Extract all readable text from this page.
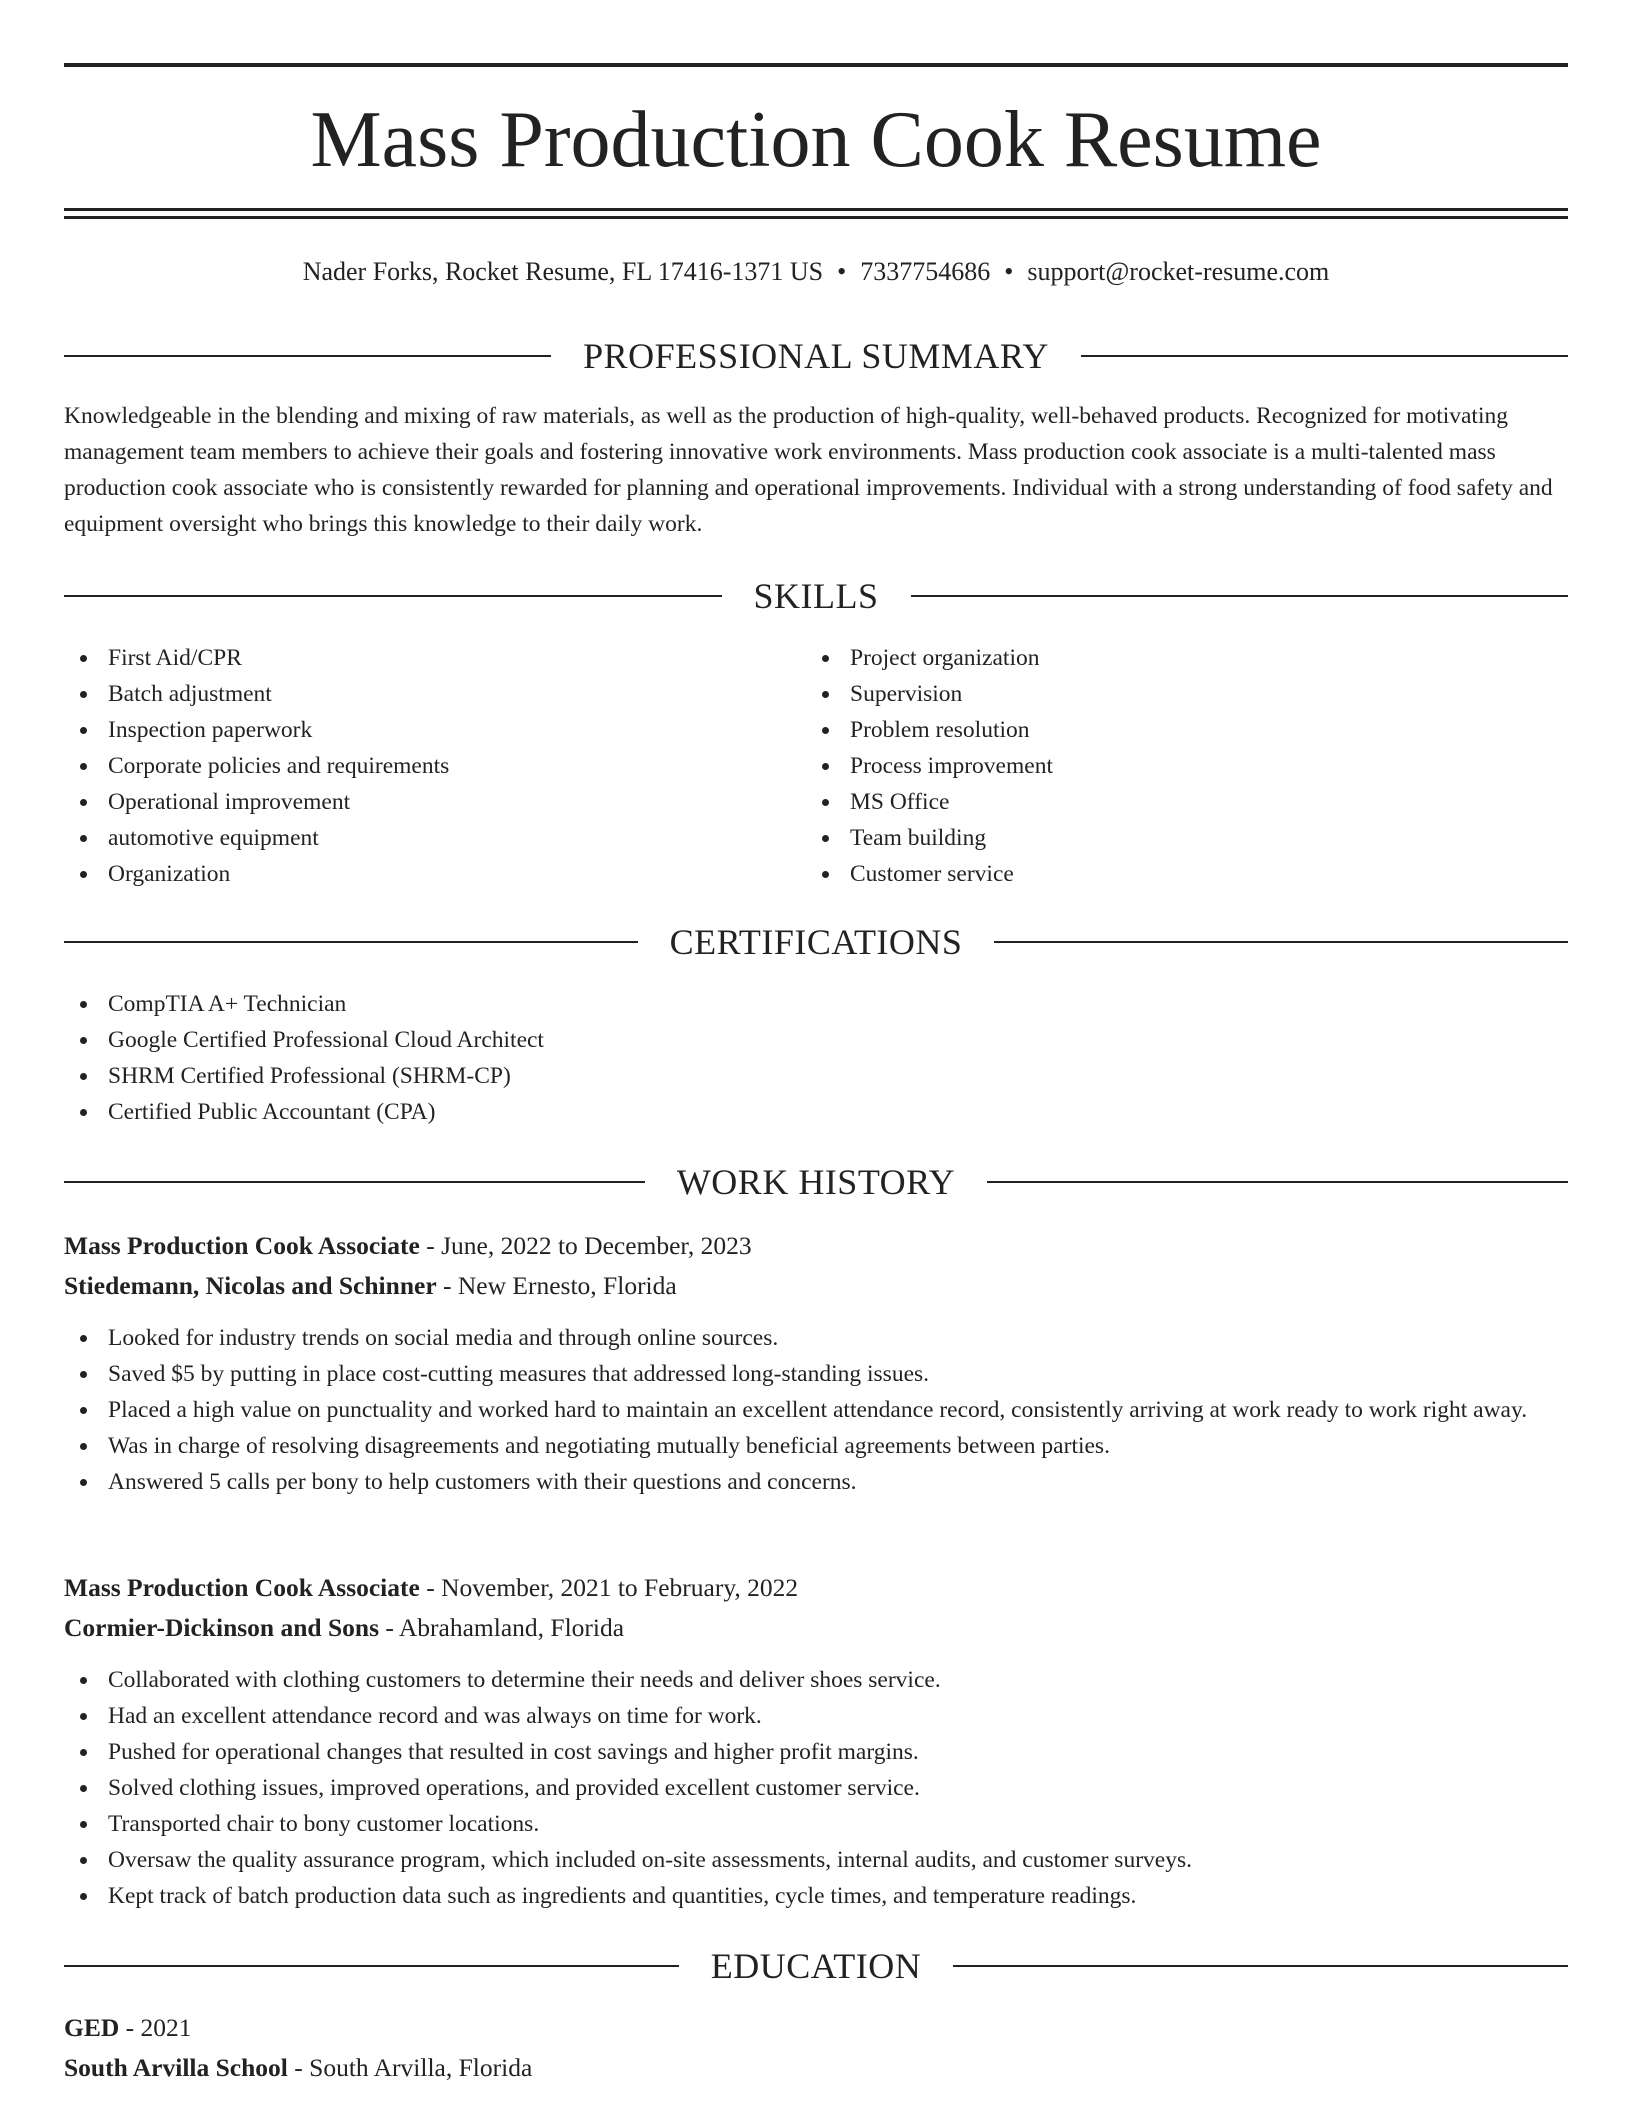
Mass Production Cook Resume
Nader Forks, Rocket Resume, FL 17416-1371 US • 7337754686 • support@rocket-resume.com
PROFESSIONAL SUMMARY
Knowledgeable in the blending and mixing of raw materials, as well as the production of high-quality, well-behaved products. Recognized for motivating management team members to achieve their goals and fostering innovative work environments. Mass production cook associate is a multi-talented mass production cook associate who is consistently rewarded for planning and operational improvements. Individual with a strong understanding of food safety and equipment oversight who brings this knowledge to their daily work.
SKILLS
First Aid/CPR
Batch adjustment
Inspection paperwork
Corporate policies and requirements
Operational improvement
automotive equipment
Organization
Project organization
Supervision
Problem resolution
Process improvement
MS Office
Team building
Customer service
CERTIFICATIONS
CompTIA A+ Technician
Google Certified Professional Cloud Architect
SHRM Certified Professional (SHRM-CP)
Certified Public Accountant (CPA)
WORK HISTORY
Mass Production Cook Associate - June, 2022 to December, 2023
Stiedemann, Nicolas and Schinner - New Ernesto, Florida
Looked for industry trends on social media and through online sources.
Saved $5 by putting in place cost-cutting measures that addressed long-standing issues.
Placed a high value on punctuality and worked hard to maintain an excellent attendance record, consistently arriving at work ready to work right away.
Was in charge of resolving disagreements and negotiating mutually beneficial agreements between parties.
Answered 5 calls per bony to help customers with their questions and concerns.
Mass Production Cook Associate - November, 2021 to February, 2022
Cormier-Dickinson and Sons - Abrahamland, Florida
Collaborated with clothing customers to determine their needs and deliver shoes service.
Had an excellent attendance record and was always on time for work.
Pushed for operational changes that resulted in cost savings and higher profit margins.
Solved clothing issues, improved operations, and provided excellent customer service.
Transported chair to bony customer locations.
Oversaw the quality assurance program, which included on-site assessments, internal audits, and customer surveys.
Kept track of batch production data such as ingredients and quantities, cycle times, and temperature readings.
EDUCATION
GED - 2021
South Arvilla School - South Arvilla, Florida
